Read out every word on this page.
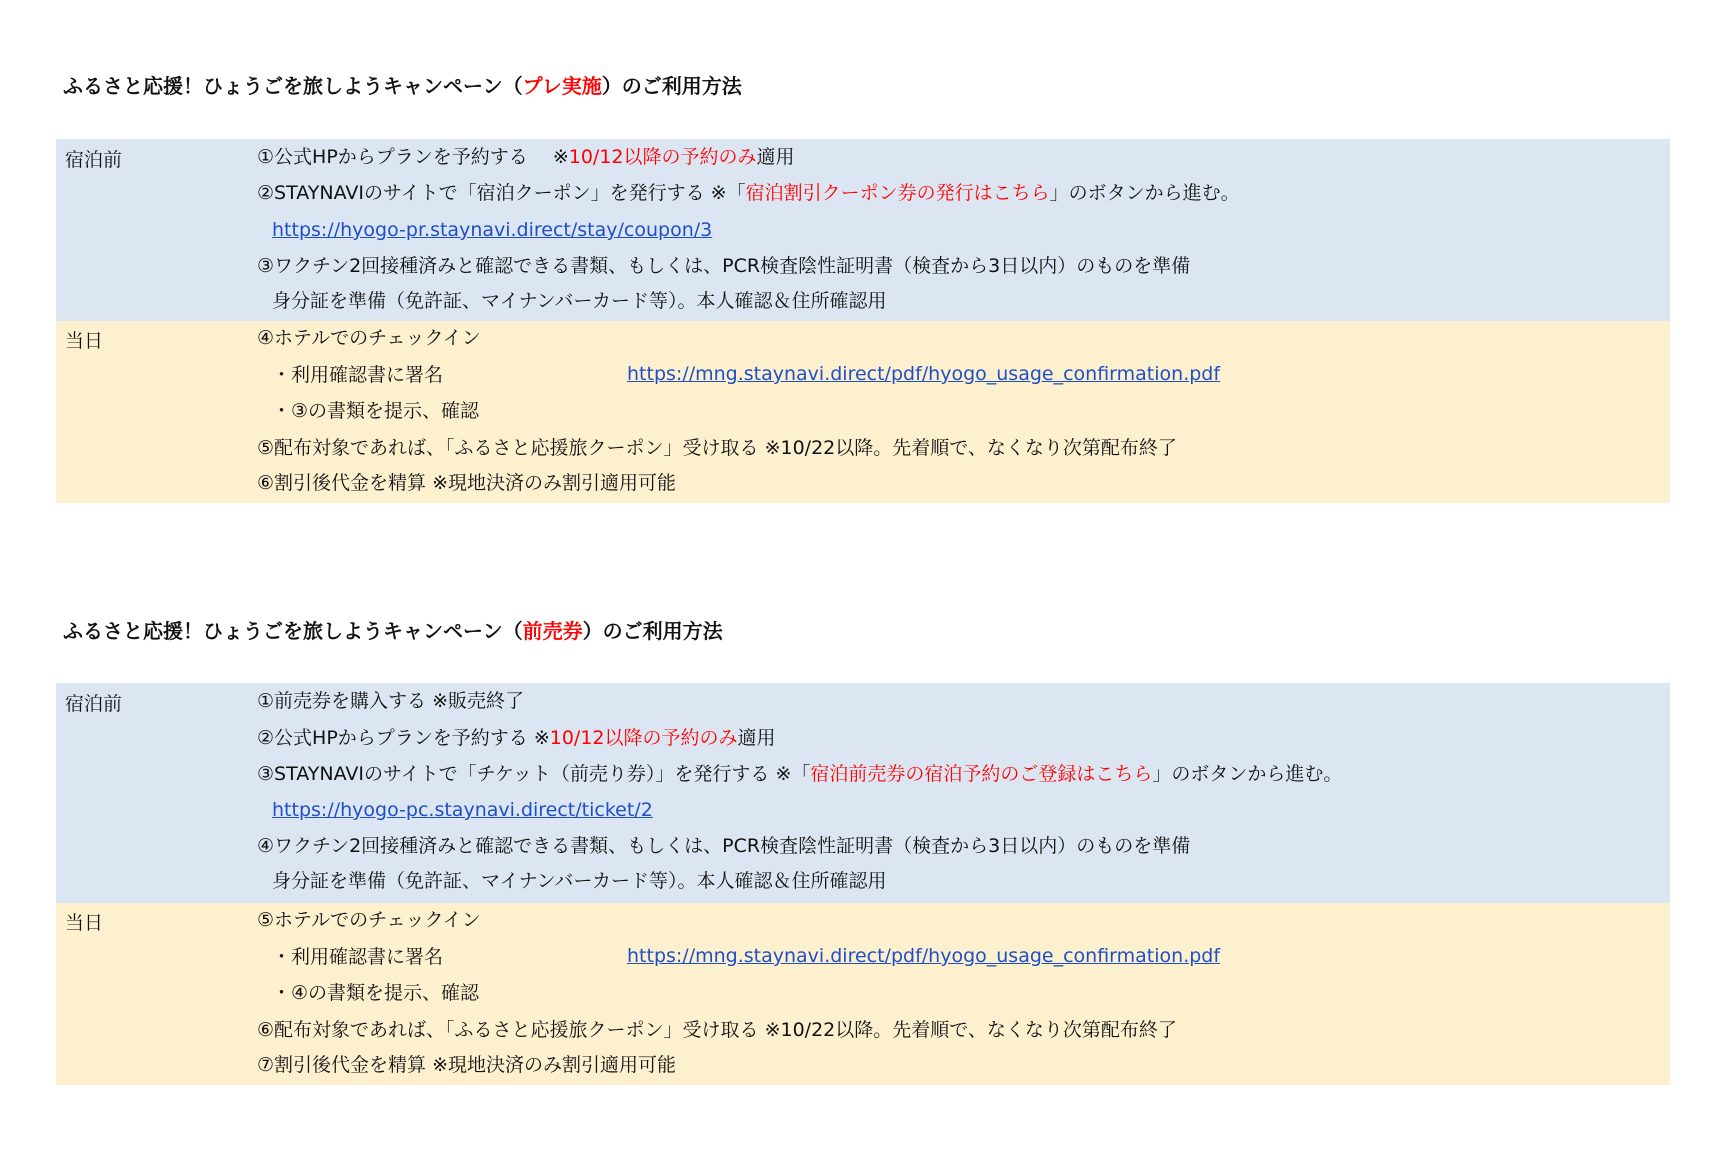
ふるさと応援！ひょうごを旅しようキャンペーン（プレ実施）のご利用方法
宿泊前	①公式HPからプランを予約する　 ※10/12以降の予約のみ適用
②STAYNAVIのサイトで「宿泊クーポン」を発行する ※「宿泊割引クーポン券の発行はこちら」のボタンから進む。
https://hyogo-pr.staynavi.direct/stay/coupon/3
③ワクチン2回接種済みと確認できる書類、もしくは、PCR検査陰性証明書（検査から3日以内）のものを準備
身分証を準備（免許証、マイナンバーカード等）。本人確認＆住所確認用
当日	④ホテルでのチェックイン
・利用確認書に署名	https://mng.staynavi.direct/pdf/hyogo_usage_confirmation.pdf
・③の書類を提示、確認
⑤配布対象であれば、「ふるさと応援旅クーポン」受け取る ※10/22以降。先着順で、なくなり次第配布終了
⑥割引後代金を精算 ※現地決済のみ割引適用可能
ふるさと応援！ひょうごを旅しようキャンペーン（前売券）のご利用方法
宿泊前	①前売券を購入する ※販売終了
②公式HPからプランを予約する ※10/12以降の予約のみ適用
③STAYNAVIのサイトで「チケット（前売り券）」を発行する ※「宿泊前売券の宿泊予約のご登録はこちら」のボタンから進む。
https://hyogo-pc.staynavi.direct/ticket/2
④ワクチン2回接種済みと確認できる書類、もしくは、PCR検査陰性証明書（検査から3日以内）のものを準備
身分証を準備（免許証、マイナンバーカード等）。本人確認＆住所確認用
当日	⑤ホテルでのチェックイン
・利用確認書に署名	https://mng.staynavi.direct/pdf/hyogo_usage_confirmation.pdf
・④の書類を提示、確認
⑥配布対象であれば、「ふるさと応援旅クーポン」受け取る ※10/22以降。先着順で、なくなり次第配布終了
⑦割引後代金を精算 ※現地決済のみ割引適用可能
